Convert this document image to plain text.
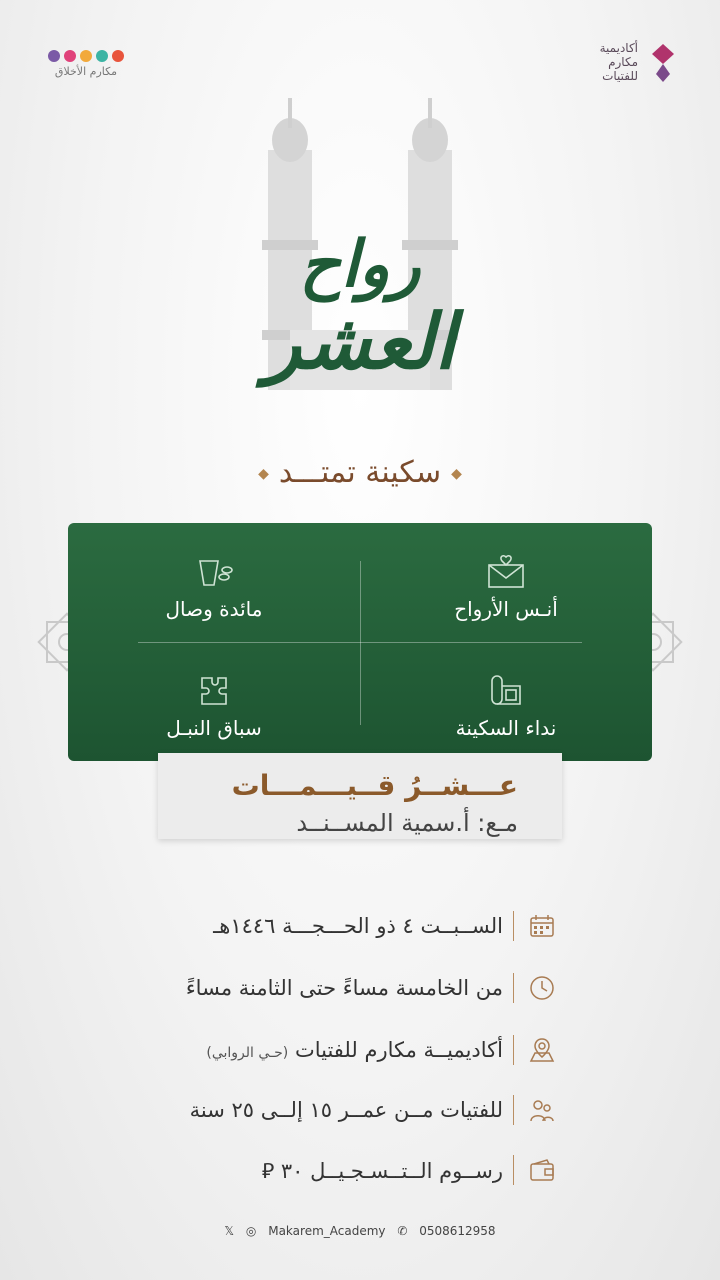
أكاديمية
مكارم
للفتيات
مكارم الأخلاق
رواح
العشر
◆سكينة تمتـــد◆
أنـس الأرواح
مائدة وصال
نداء السكينة
سباق النبـل
عـــشــرُ قــيـــمـــات
مـع: أ.سمية المســنــد
الســبــت ٤ ذو الحـــجـــة ١٤٤٦هـ
من الخامسة مساءً حتى الثامنة مساءً
أكاديميــة مكارم للفتيات (حـي الروابي)
للفتيات مــن عمــر ١٥ إلــى ٢٥ سنة
رســوم الــتــسـجـيــل ٣٠ ⃁
𝕏 ◎ Makarem_Academy ✆ 0508612958
